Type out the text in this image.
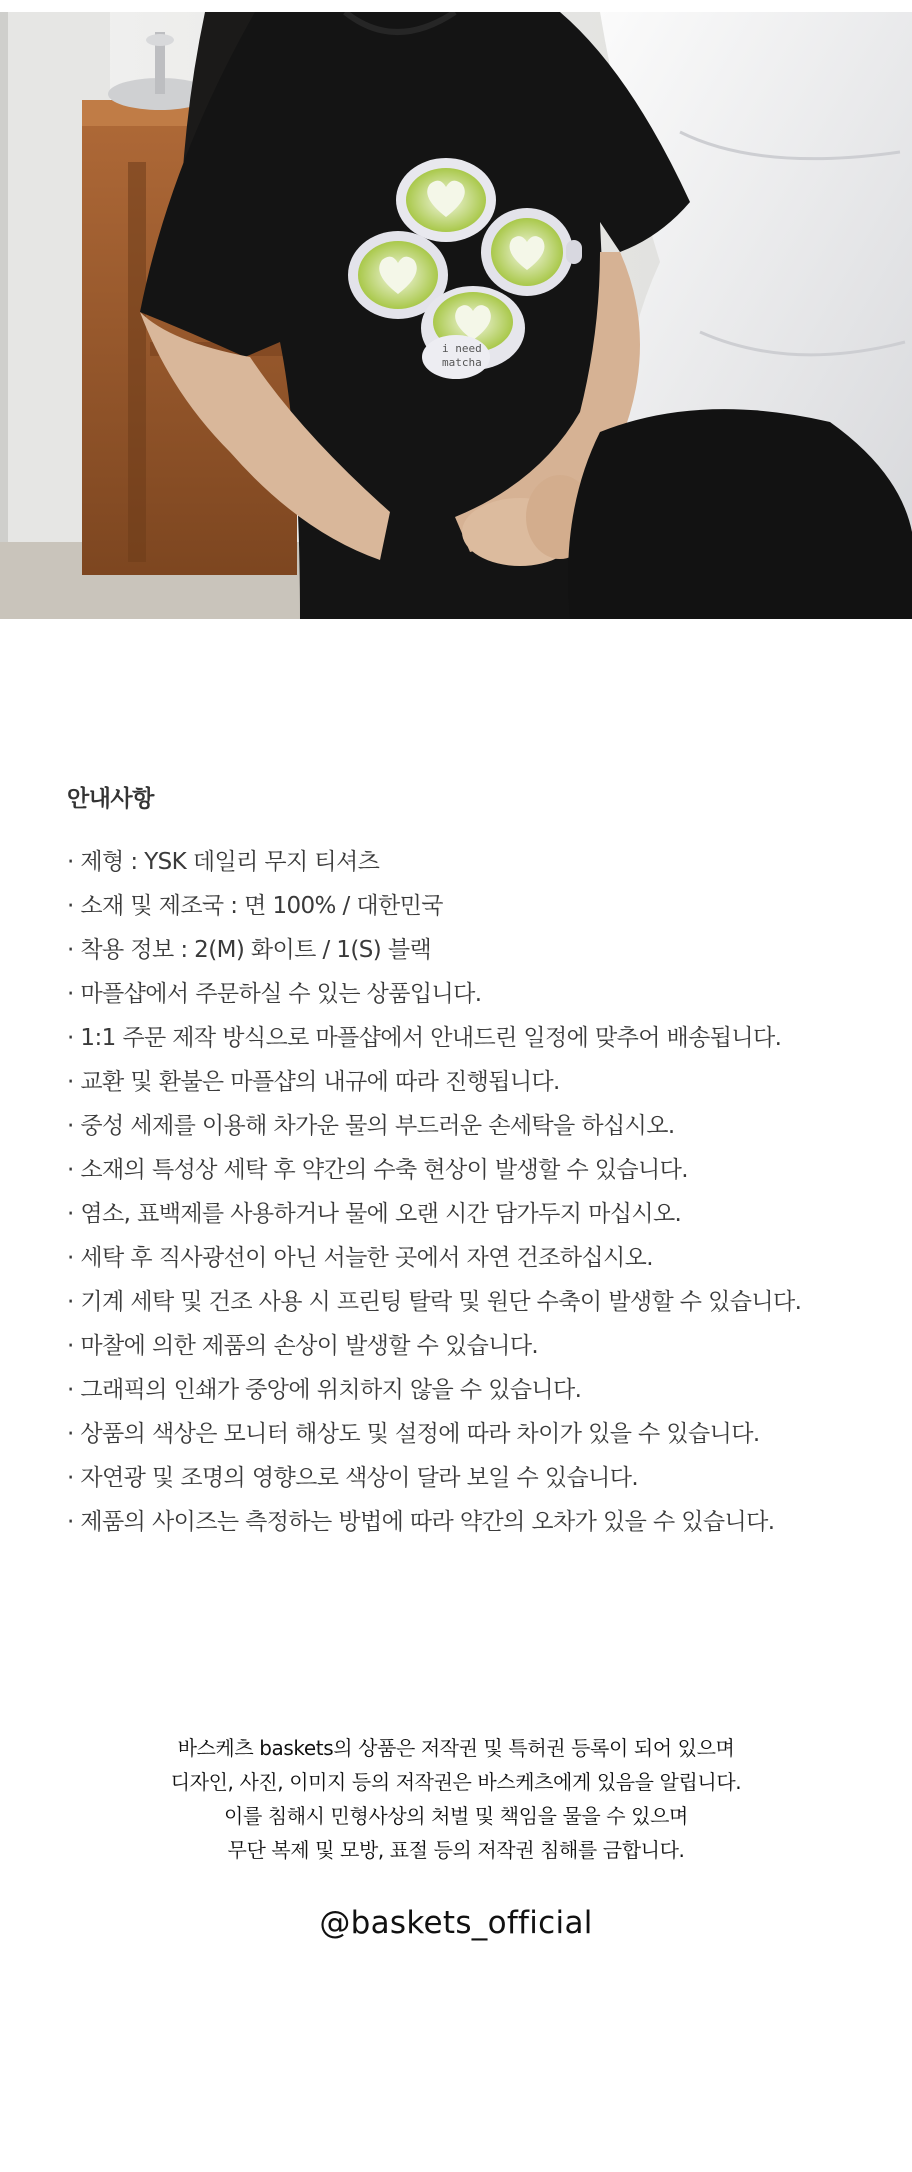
i need
matcha
안내사항
· 제형 : YSK 데일리 무지 티셔츠
· 소재 및 제조국 : 면 100% / 대한민국
· 착용 정보 : 2(M) 화이트 / 1(S) 블랙
· 마플샵에서 주문하실 수 있는 상품입니다.
· 1:1 주문 제작 방식으로 마플샵에서 안내드린 일정에 맞추어 배송됩니다.
· 교환 및 환불은 마플샵의 내규에 따라 진행됩니다.
· 중성 세제를 이용해 차가운 물의 부드러운 손세탁을 하십시오.
· 소재의 특성상 세탁 후 약간의 수축 현상이 발생할 수 있습니다.
· 염소, 표백제를 사용하거나 물에 오랜 시간 담가두지 마십시오.
· 세탁 후 직사광선이 아닌 서늘한 곳에서 자연 건조하십시오.
· 기계 세탁 및 건조 사용 시 프린팅 탈락 및 원단 수축이 발생할 수 있습니다.
· 마찰에 의한 제품의 손상이 발생할 수 있습니다.
· 그래픽의 인쇄가 중앙에 위치하지 않을 수 있습니다.
· 상품의 색상은 모니터 해상도 및 설정에 따라 차이가 있을 수 있습니다.
· 자연광 및 조명의 영향으로 색상이 달라 보일 수 있습니다.
· 제품의 사이즈는 측정하는 방법에 따라 약간의 오차가 있을 수 있습니다.
바스케츠 baskets의 상품은 저작권 및 특허권 등록이 되어 있으며
디자인, 사진, 이미지 등의 저작권은 바스케츠에게 있음을 알립니다.
이를 침해시 민형사상의 처벌 및 책임을 물을 수 있으며
무단 복제 및 모방, 표절 등의 저작권 침해를 금합니다.
@baskets_official
